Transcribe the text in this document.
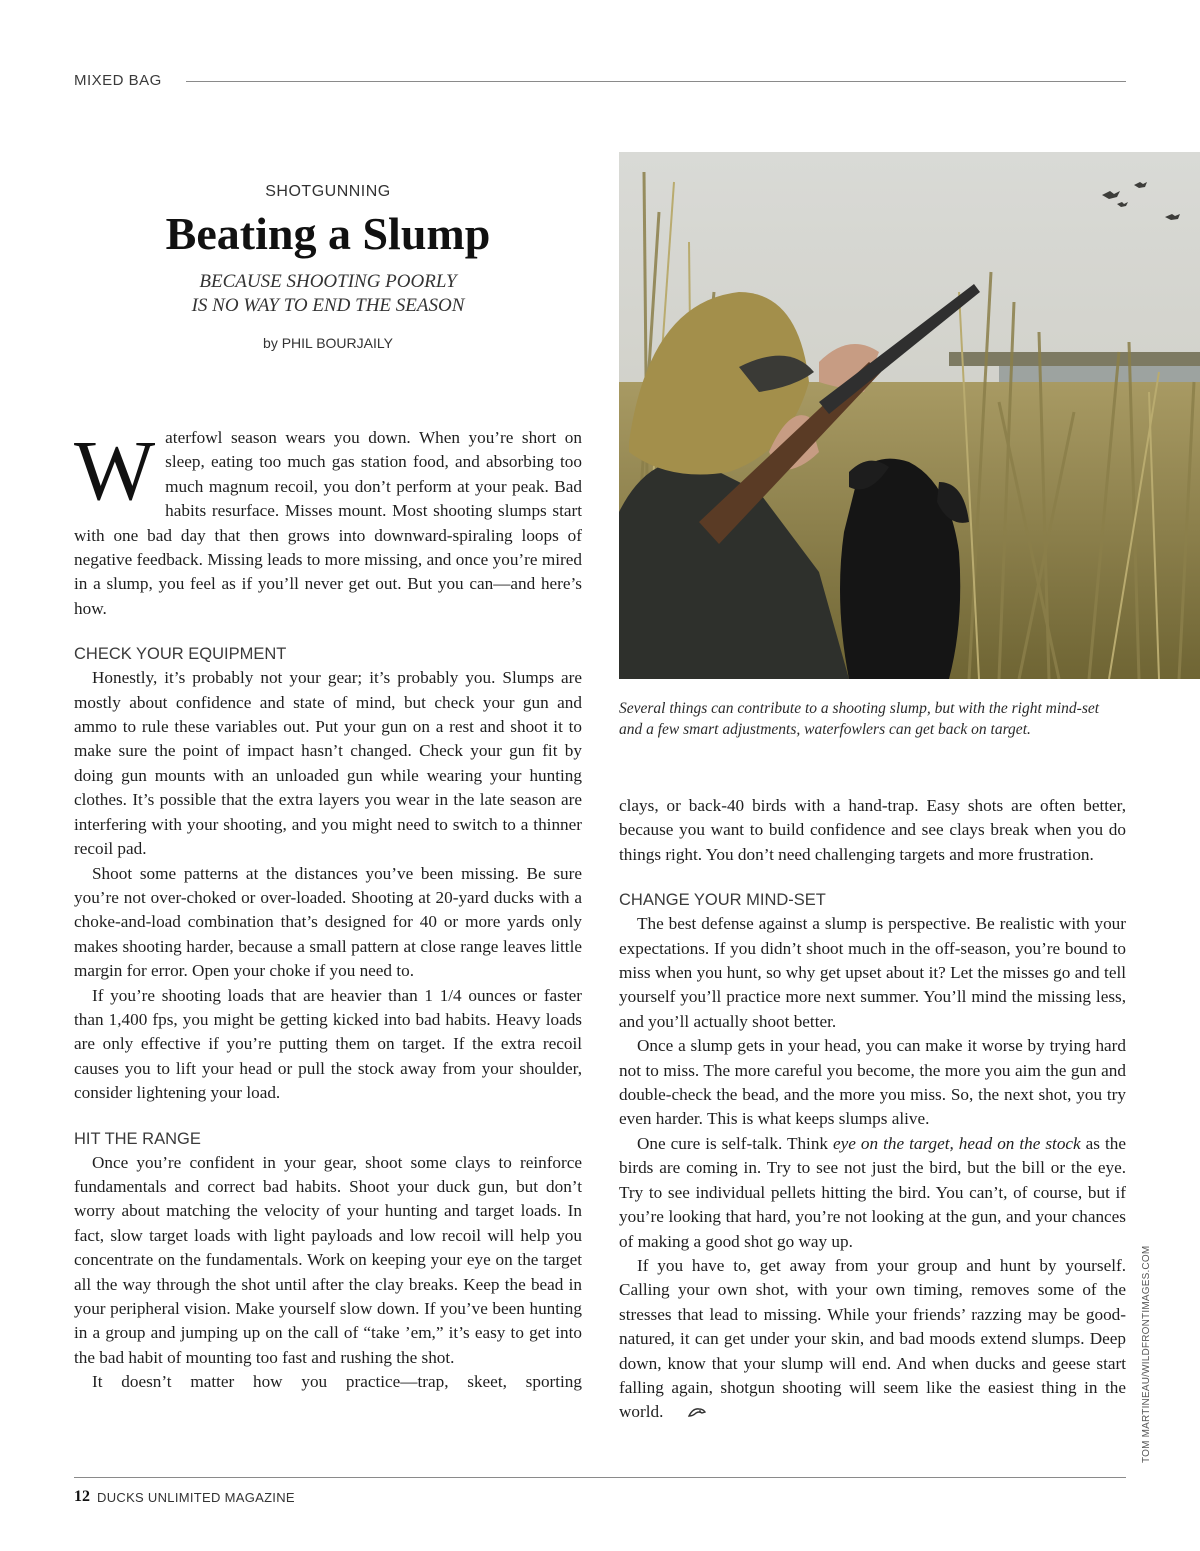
MIXED BAG
SHOTGUNNING
Beating a Slump
BECAUSE SHOOTING POORLY
IS NO WAY TO END THE SEASON
by PHIL BOURJAILY

Waterfowl season wears you down. When you’re short on sleep, eating too much gas station food, and absorbing too much magnum recoil, you don’t perform at your peak. Bad habits resurface. Misses mount. Most shooting slumps start with one bad day that then grows into downward-spiraling loops of negative feedback. Missing leads to more missing, and once you’re mired in a slump, you feel as if you’ll never get out. But you can—and here’s how.

CHECK YOUR EQUIPMENT

Honestly, it’s probably not your gear; it’s probably you. Slumps are mostly about confidence and state of mind, but check your gun and ammo to rule these variables out. Put your gun on a rest and shoot it to make sure the point of impact hasn’t changed. Check your gun fit by doing gun mounts with an unloaded gun while wearing your hunting clothes. It’s possible that the extra layers you wear in the late season are interfering with your shooting, and you might need to switch to a thinner recoil pad.

Shoot some patterns at the distances you’ve been missing. Be sure you’re not over-choked or over-loaded. Shooting at 20-yard ducks with a choke-and-load combination that’s designed for 40 or more yards only makes shooting harder, because a small pattern at close range leaves little margin for error. Open your choke if you need to.

If you’re shooting loads that are heavier than 1 1/4 ounces or faster than 1,400 fps, you might be getting kicked into bad habits. Heavy loads are only effective if you’re putting them on target. If the extra recoil causes you to lift your head or pull the stock away from your shoulder, consider lightening your load.

HIT THE RANGE

Once you’re confident in your gear, shoot some clays to reinforce fundamentals and correct bad habits. Shoot your duck gun, but don’t worry about matching the velocity of your hunting and target loads. In fact, slow target loads with light payloads and low recoil will help you concentrate on the fundamentals. Work on keeping your eye on the target all the way through the shot until after the clay breaks. Keep the bead in your peripheral vision. Make yourself slow down. If you’ve been hunting in a group and jumping up on the call of “take ’em,” it’s easy to get into the bad habit of mounting too fast and rushing the shot.

It doesn’t matter how you practice—trap, skeet, sporting

Several things can contribute to a shooting slump, but with the right mind-set and a few smart adjustments, waterfowlers can get back on target.
TOM MARTINEAU/WILDFRONTIMAGES.COM

clays, or back-40 birds with a hand-trap. Easy shots are often better, because you want to build confidence and see clays break when you do things right. You don’t need challenging targets and more frustration.

CHANGE YOUR MIND-SET

The best defense against a slump is perspective. Be realistic with your expectations. If you didn’t shoot much in the off-season, you’re bound to miss when you hunt, so why get upset about it? Let the misses go and tell yourself you’ll practice more next summer. You’ll mind the missing less, and you’ll actually shoot better.

Once a slump gets in your head, you can make it worse by trying hard not to miss. The more careful you become, the more you aim the gun and double-check the bead, and the more you miss. So, the next shot, you try even harder. This is what keeps slumps alive.

One cure is self-talk. Think eye on the target, head on the stock as the birds are coming in. Try to see not just the bird, but the bill or the eye. Try to see individual pellets hitting the bird. You can’t, of course, but if you’re looking that hard, you’re not looking at the gun, and your chances of making a good shot go way up.

If you have to, get away from your group and hunt by yourself. Calling your own shot, with your own timing, removes some of the stresses that lead to missing. While your friends’ razzing may be good-natured, it can get under your skin, and bad moods extend slumps. Deep down, know that your slump will end. And when ducks and geese start falling again, shotgun shooting will seem like the easiest thing in the world.

12 DUCKS UNLIMITED MAGAZINE
